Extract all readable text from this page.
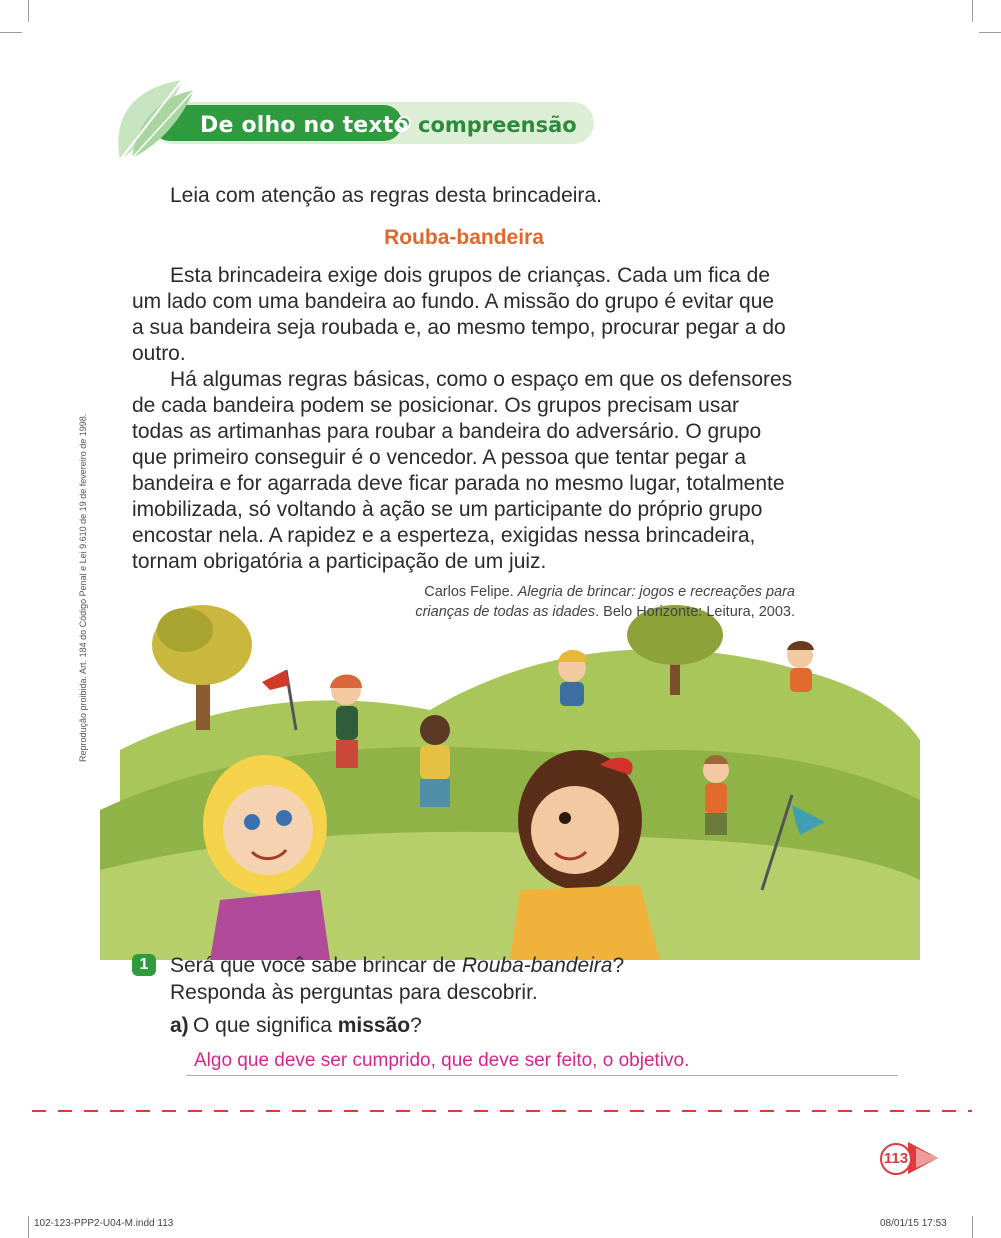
De olho no texto compreensão
Leia com atenção as regras desta brincadeira.
Rouba-bandeira
Esta brincadeira exige dois grupos de crianças. Cada um fica de
um lado com uma bandeira ao fundo. A missão do grupo é evitar que
a sua bandeira seja roubada e, ao mesmo tempo, procurar pegar a do
outro.
Há algumas regras básicas, como o espaço em que os defensores
de cada bandeira podem se posicionar. Os grupos precisam usar
todas as artimanhas para roubar a bandeira do adversário. O grupo
que primeiro conseguir é o vencedor. A pessoa que tentar pegar a
bandeira e for agarrada deve ficar parada no mesmo lugar, totalmente
imobilizada, só voltando à ação se um participante do próprio grupo
encostar nela. A rapidez e a esperteza, exigidas nessa brincadeira,
tornam obrigatória a participação de um juiz.
Carlos Felipe. Alegria de brincar: jogos e recreações para
crianças de todas as idades. Belo Horizonte: Leitura, 2003.
Reprodução proibida. Art. 184 do Código Penal e Lei 9.610 de 19 de fevereiro de 1998.
1	Será que você sabe brincar de Rouba-bandeira?
Responda às perguntas para descobrir.
a) O que significa missão?
Algo que deve ser cumprido, que deve ser feito, o objetivo.
113
102-123-PPP2-U04-M.indd 113	08/01/15 17:53
